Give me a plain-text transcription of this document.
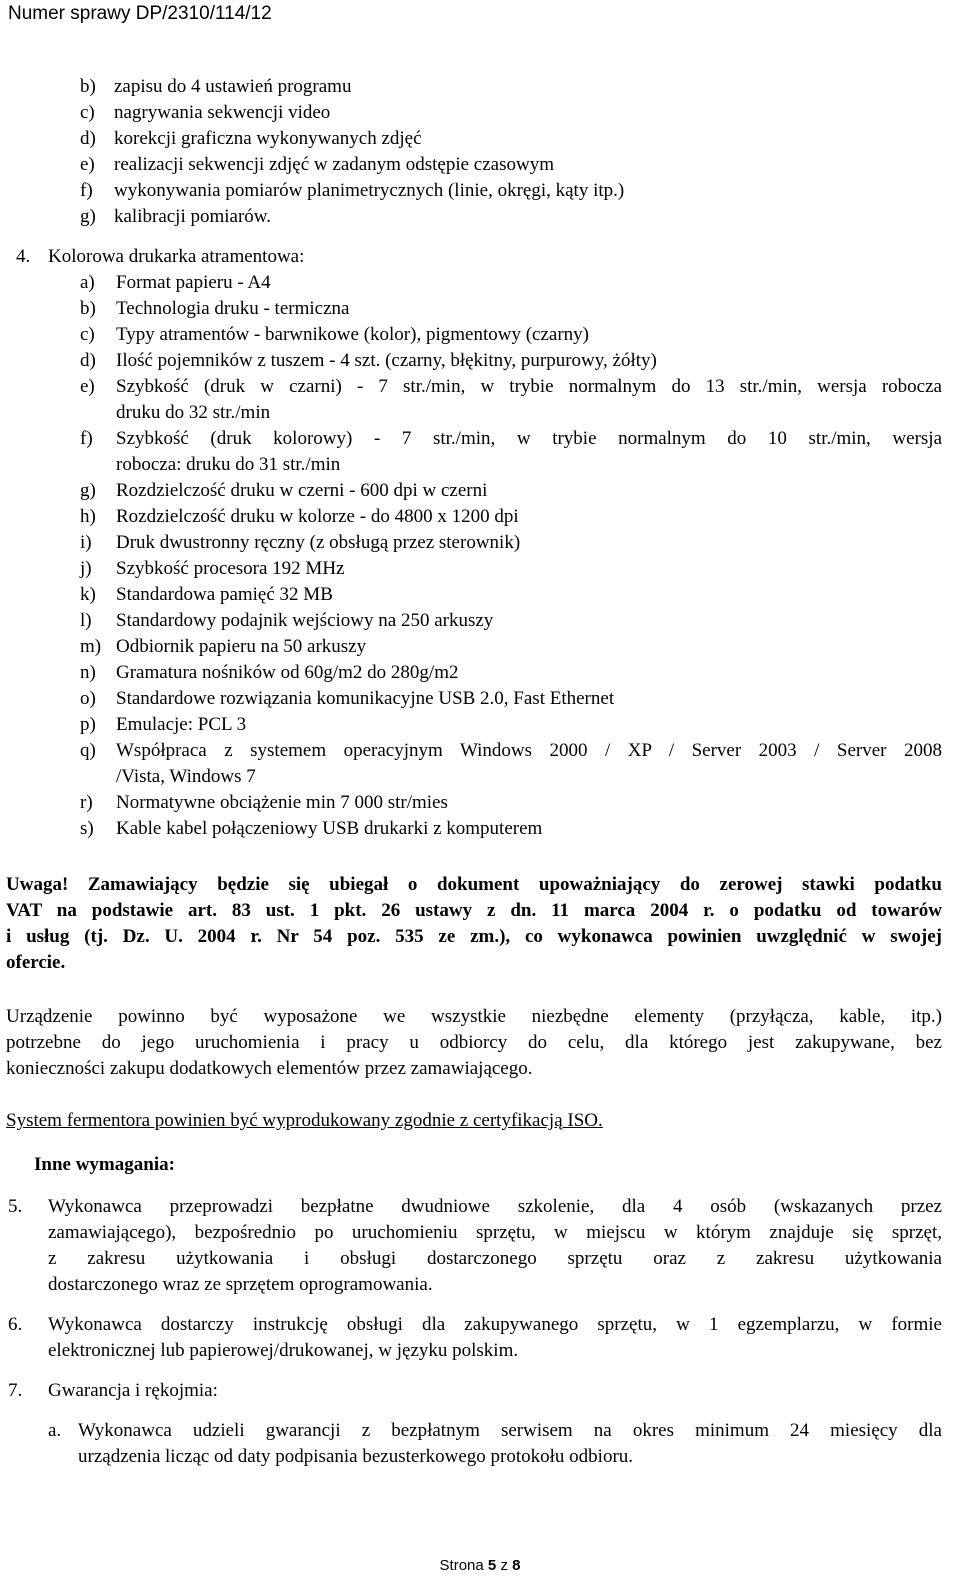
Numer sprawy DP/2310/114/12
b) zapisu do 4 ustawień programu
c) nagrywania sekwencji video
d) korekcji graficzna wykonywanych zdjęć
e) realizacji sekwencji zdjęć w zadanym odstępie czasowym
f) wykonywania pomiarów planimetrycznych (linie, okręgi, kąty itp.)
g) kalibracji pomiarów.
4. Kolorowa drukarka atramentowa:
a) Format papieru - A4
b) Technologia druku - termiczna
c) Typy atramentów - barwnikowe (kolor), pigmentowy (czarny)
d) Ilość pojemników z tuszem - 4 szt. (czarny, błękitny, purpurowy, żółty)
e) Szybkość (druk w czarni) - 7 str./min, w trybie normalnym do 13 str./min, wersja robocza
druku do 32 str./min
f) Szybkość (druk kolorowy) - 7 str./min, w trybie normalnym do 10 str./min, wersja
robocza: druku do 31 str./min
g) Rozdzielczość druku w czerni - 600 dpi w czerni
h) Rozdzielczość druku w kolorze - do 4800 x 1200 dpi
i) Druk dwustronny ręczny (z obsługą przez sterownik)
j) Szybkość procesora 192 MHz
k) Standardowa pamięć 32 MB
l) Standardowy podajnik wejściowy na 250 arkuszy
m) Odbiornik papieru na 50 arkuszy
n) Gramatura nośników od 60g/m2 do 280g/m2
o) Standardowe rozwiązania komunikacyjne USB 2.0, Fast Ethernet
p) Emulacje: PCL 3
q) Współpraca z systemem operacyjnym Windows 2000 / XP / Server 2003 / Server 2008
/Vista, Windows 7
r) Normatywne obciążenie min 7 000 str/mies
s) Kable kabel połączeniowy USB drukarki z komputerem
Uwaga! Zamawiający będzie się ubiegał o dokument upoważniający do zerowej stawki podatku
VAT na podstawie art. 83 ust. 1 pkt. 26 ustawy z dn. 11 marca 2004 r. o podatku od towarów
i usług (tj. Dz. U. 2004 r. Nr 54 poz. 535 ze zm.), co wykonawca powinien uwzględnić w swojej
ofercie.
Urządzenie powinno być wyposażone we wszystkie niezbędne elementy (przyłącza, kable, itp.)
potrzebne do jego uruchomienia i pracy u odbiorcy do celu, dla którego jest zakupywane, bez
konieczności zakupu dodatkowych elementów przez zamawiającego.
System fermentora powinien być wyprodukowany zgodnie z certyfikacją ISO.
Inne wymagania:
5. Wykonawca przeprowadzi bezpłatne dwudniowe szkolenie, dla 4 osób (wskazanych przez
zamawiającego), bezpośrednio po uruchomieniu sprzętu, w miejscu w którym znajduje się sprzęt,
z zakresu użytkowania i obsługi dostarczonego sprzętu oraz z zakresu użytkowania
dostarczonego wraz ze sprzętem oprogramowania.
6. Wykonawca dostarczy instrukcję obsługi dla zakupywanego sprzętu, w 1 egzemplarzu, w formie
elektronicznej lub papierowej/drukowanej, w języku polskim.
7. Gwarancja i rękojmia:
a. Wykonawca udzieli gwarancji z bezpłatnym serwisem na okres minimum 24 miesięcy dla
urządzenia licząc od daty podpisania bezusterkowego protokołu odbioru.
Strona 5 z 8
